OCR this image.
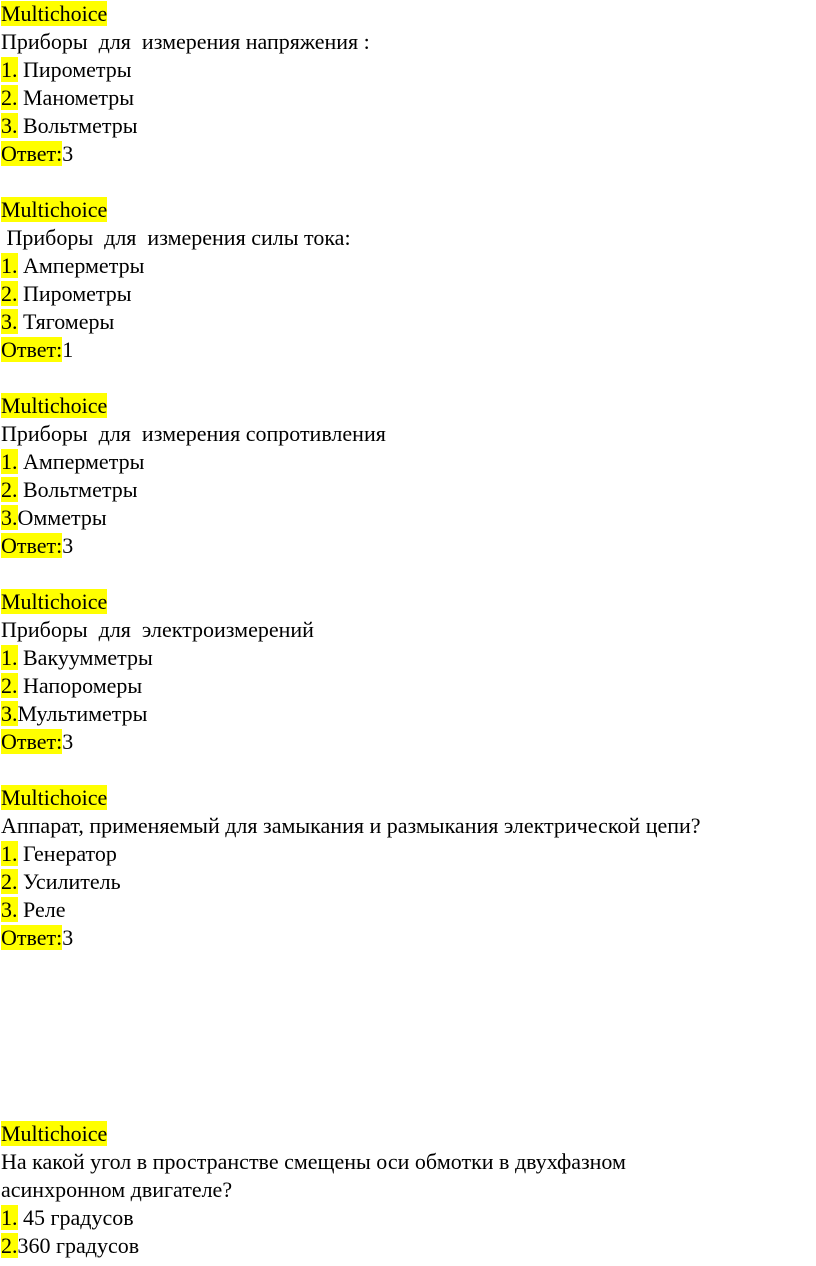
Multichoice
Приборы  для  измерения напряжения :
1. Пирометры
2. Манометры
3. Вольтметры
Ответ:3
Multichoice
Приборы  для  измерения силы тока:
1. Амперметры
2. Пирометры
3. Тягомеры
Ответ:1
Multichoice
Приборы  для  измерения сопротивления
1. Амперметры
2. Вольтметры
3.Омметры
Ответ:3
Multichoice
Приборы  для  электроизмерений
1. Вакуумметры
2. Напоромеры
3.Мультиметры
Ответ:3
Multichoice
Аппарат, применяемый для замыкания и размыкания электрической цепи?
1. Генератор
2. Усилитель
3. Реле
Ответ:3
Multichoice
На какой угол в пространстве смещены оси обмотки в двухфазном
асинхронном двигателе?
1. 45 градусов
2.360 градусов
